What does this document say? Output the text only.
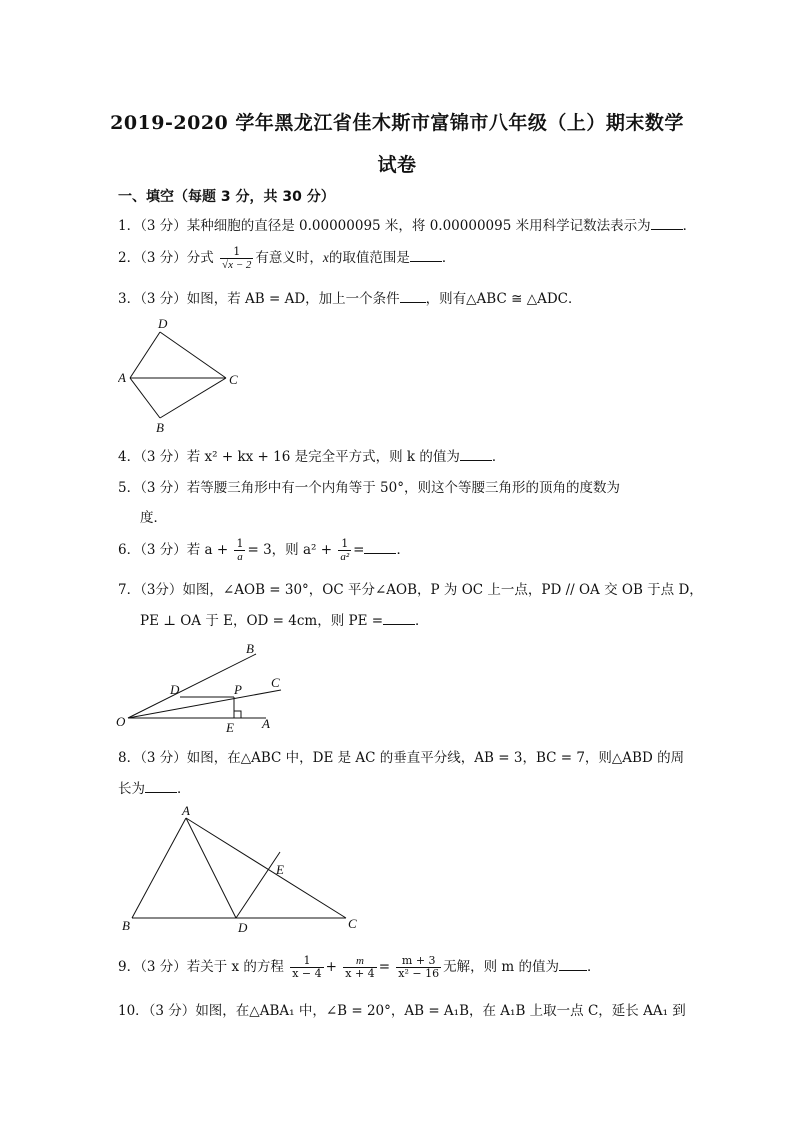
2019-2020 学年黑龙江省佳木斯市富锦市八年级（上）期末数学
试卷
一、填空（每题 3 分，共 30 分）
1．（3 分）某种细胞的直径是 0.00000095 米，将 0.00000095 米用科学记数法表示为 ．
2．（3 分）分式 $\frac{1}{√x - 2}$ 有意义时，x的取值范围是 ．
3．（3 分）如图，若 AB = AD，加上一个条件 ，则有△ABC ≅ △ADC．
D
A	C
B
4．（3 分）若 x² + kx + 16 是完全平方式，则 k 的值为 ．
5．（3 分）若等腰三角形中有一个内角等于 50°，则这个等腰三角形的顶角的度数为
度．
6．（3 分）若 $a + \frac{1}{a} = 3$，则 $a^2 + \frac{1}{\text{a²}}$ = ．
7．（3分）如图，∠AOB = 30°，OC 平分∠AOB，P 为 OC 上一点，PD // OA 交 OB 于点 D，
PE ⊥ OA 于 E，OD = 4cm，则 PE = ．
B
C
D	P
O	E A
8．（3 分）如图，在△ABC 中，DE 是 AC 的垂直平分线，AB = 3，BC = 7，则△ABD 的周
长为 ．
A
E
B	D	C
9．（3 分）若关于 x 的方程 $\frac{1}{x - 4} + \frac{m}{x + 4} = \frac{m + 3}{\text{x² − 16}}$ 无解，则 m 的值为 ．
10．（3 分）如图，在△ABA₁ 中，∠B = 20°，AB = A₁B，在 A₁B 上取一点 C，延长 AA₁ 到
